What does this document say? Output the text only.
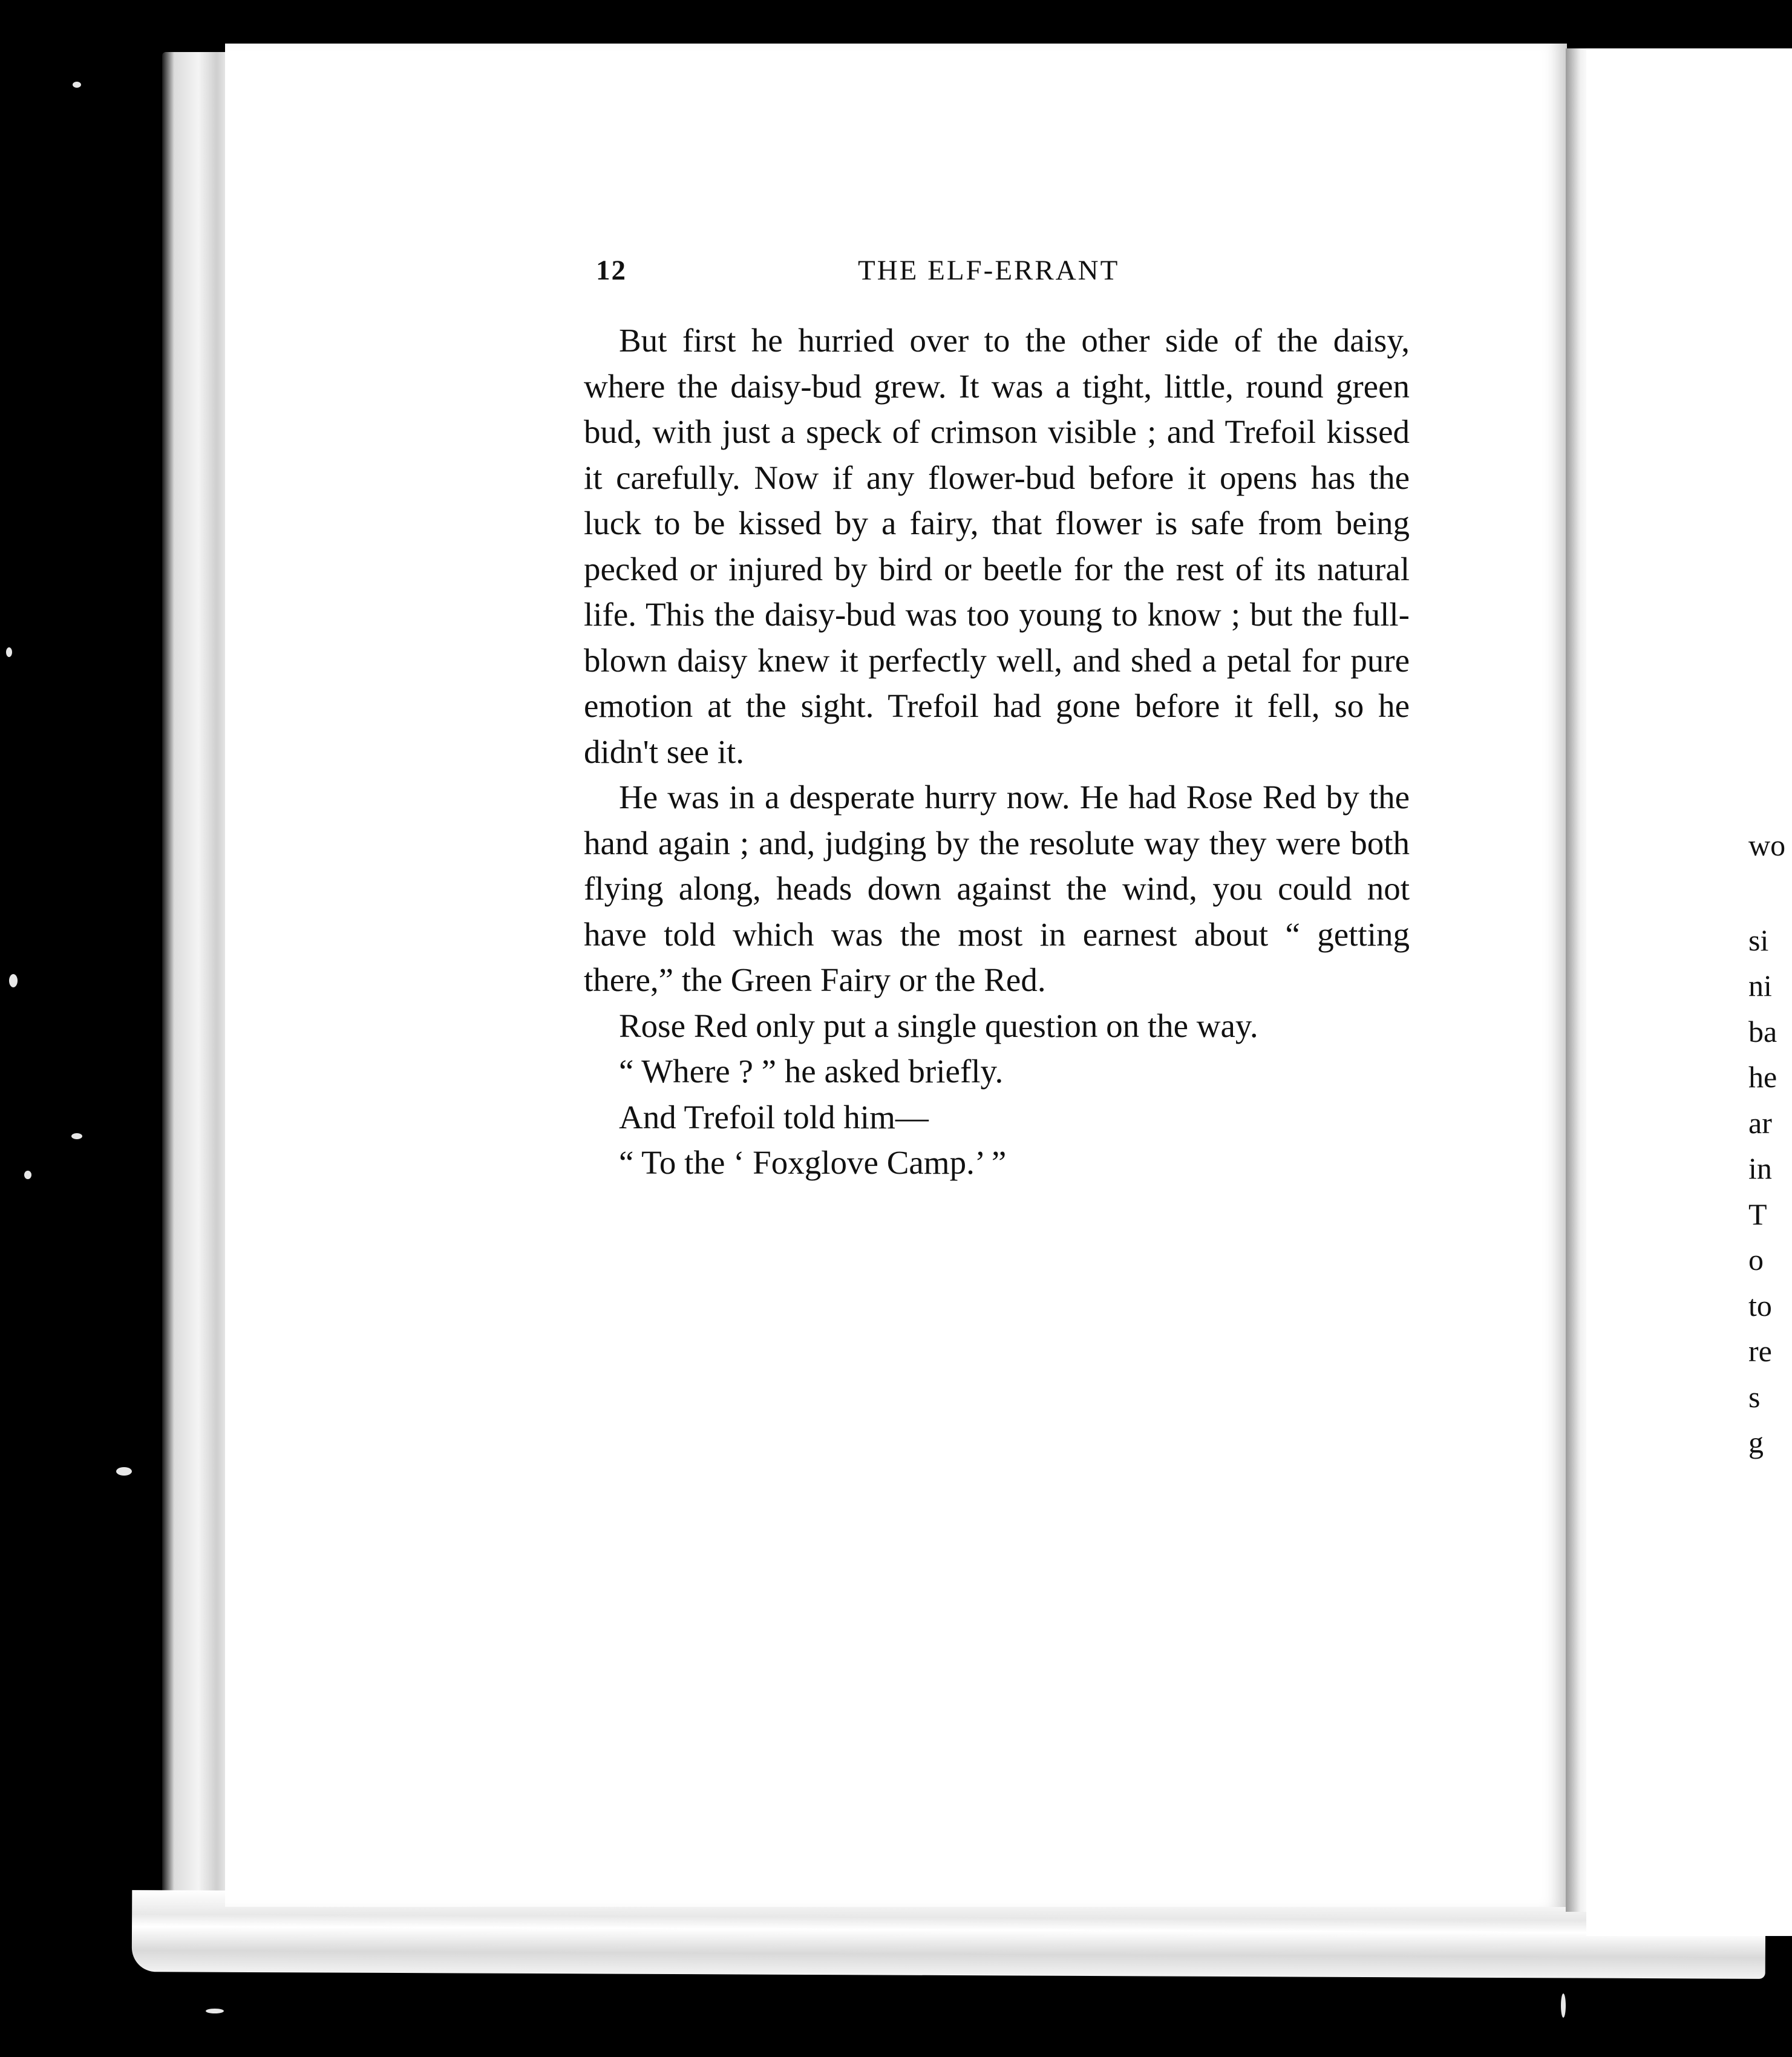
12	THE ELF-ERRANT

But first he hurried over to the other side of the daisy, where the daisy-bud grew. It was a tight, little, round green bud, with just a speck of crimson visible ; and Trefoil kissed it carefully. Now if any flower-bud before it opens has the luck to be kissed by a fairy, that flower is safe from being pecked or injured by bird or beetle for the rest of its natural life. This the daisy-bud was too young to know ; but the full-blown daisy knew it perfectly well, and shed a petal for pure emotion at the sight. Trefoil had gone before it fell, so he didn't see it.

He was in a desperate hurry now. He had Rose Red by the hand again ; and, judging by the resolute way they were both flying along, heads down against the wind, you could not have told which was the most in earnest about “ getting there,” the Green Fairy or the Red.

Rose Red only put a single question on the way.

“ Where ? ” he asked briefly.

And Trefoil told him—

“ To the ‘ Foxglove Camp.’ ”

wo
si
ni
ba
he
ar
in
T
o
to
re
s
g
